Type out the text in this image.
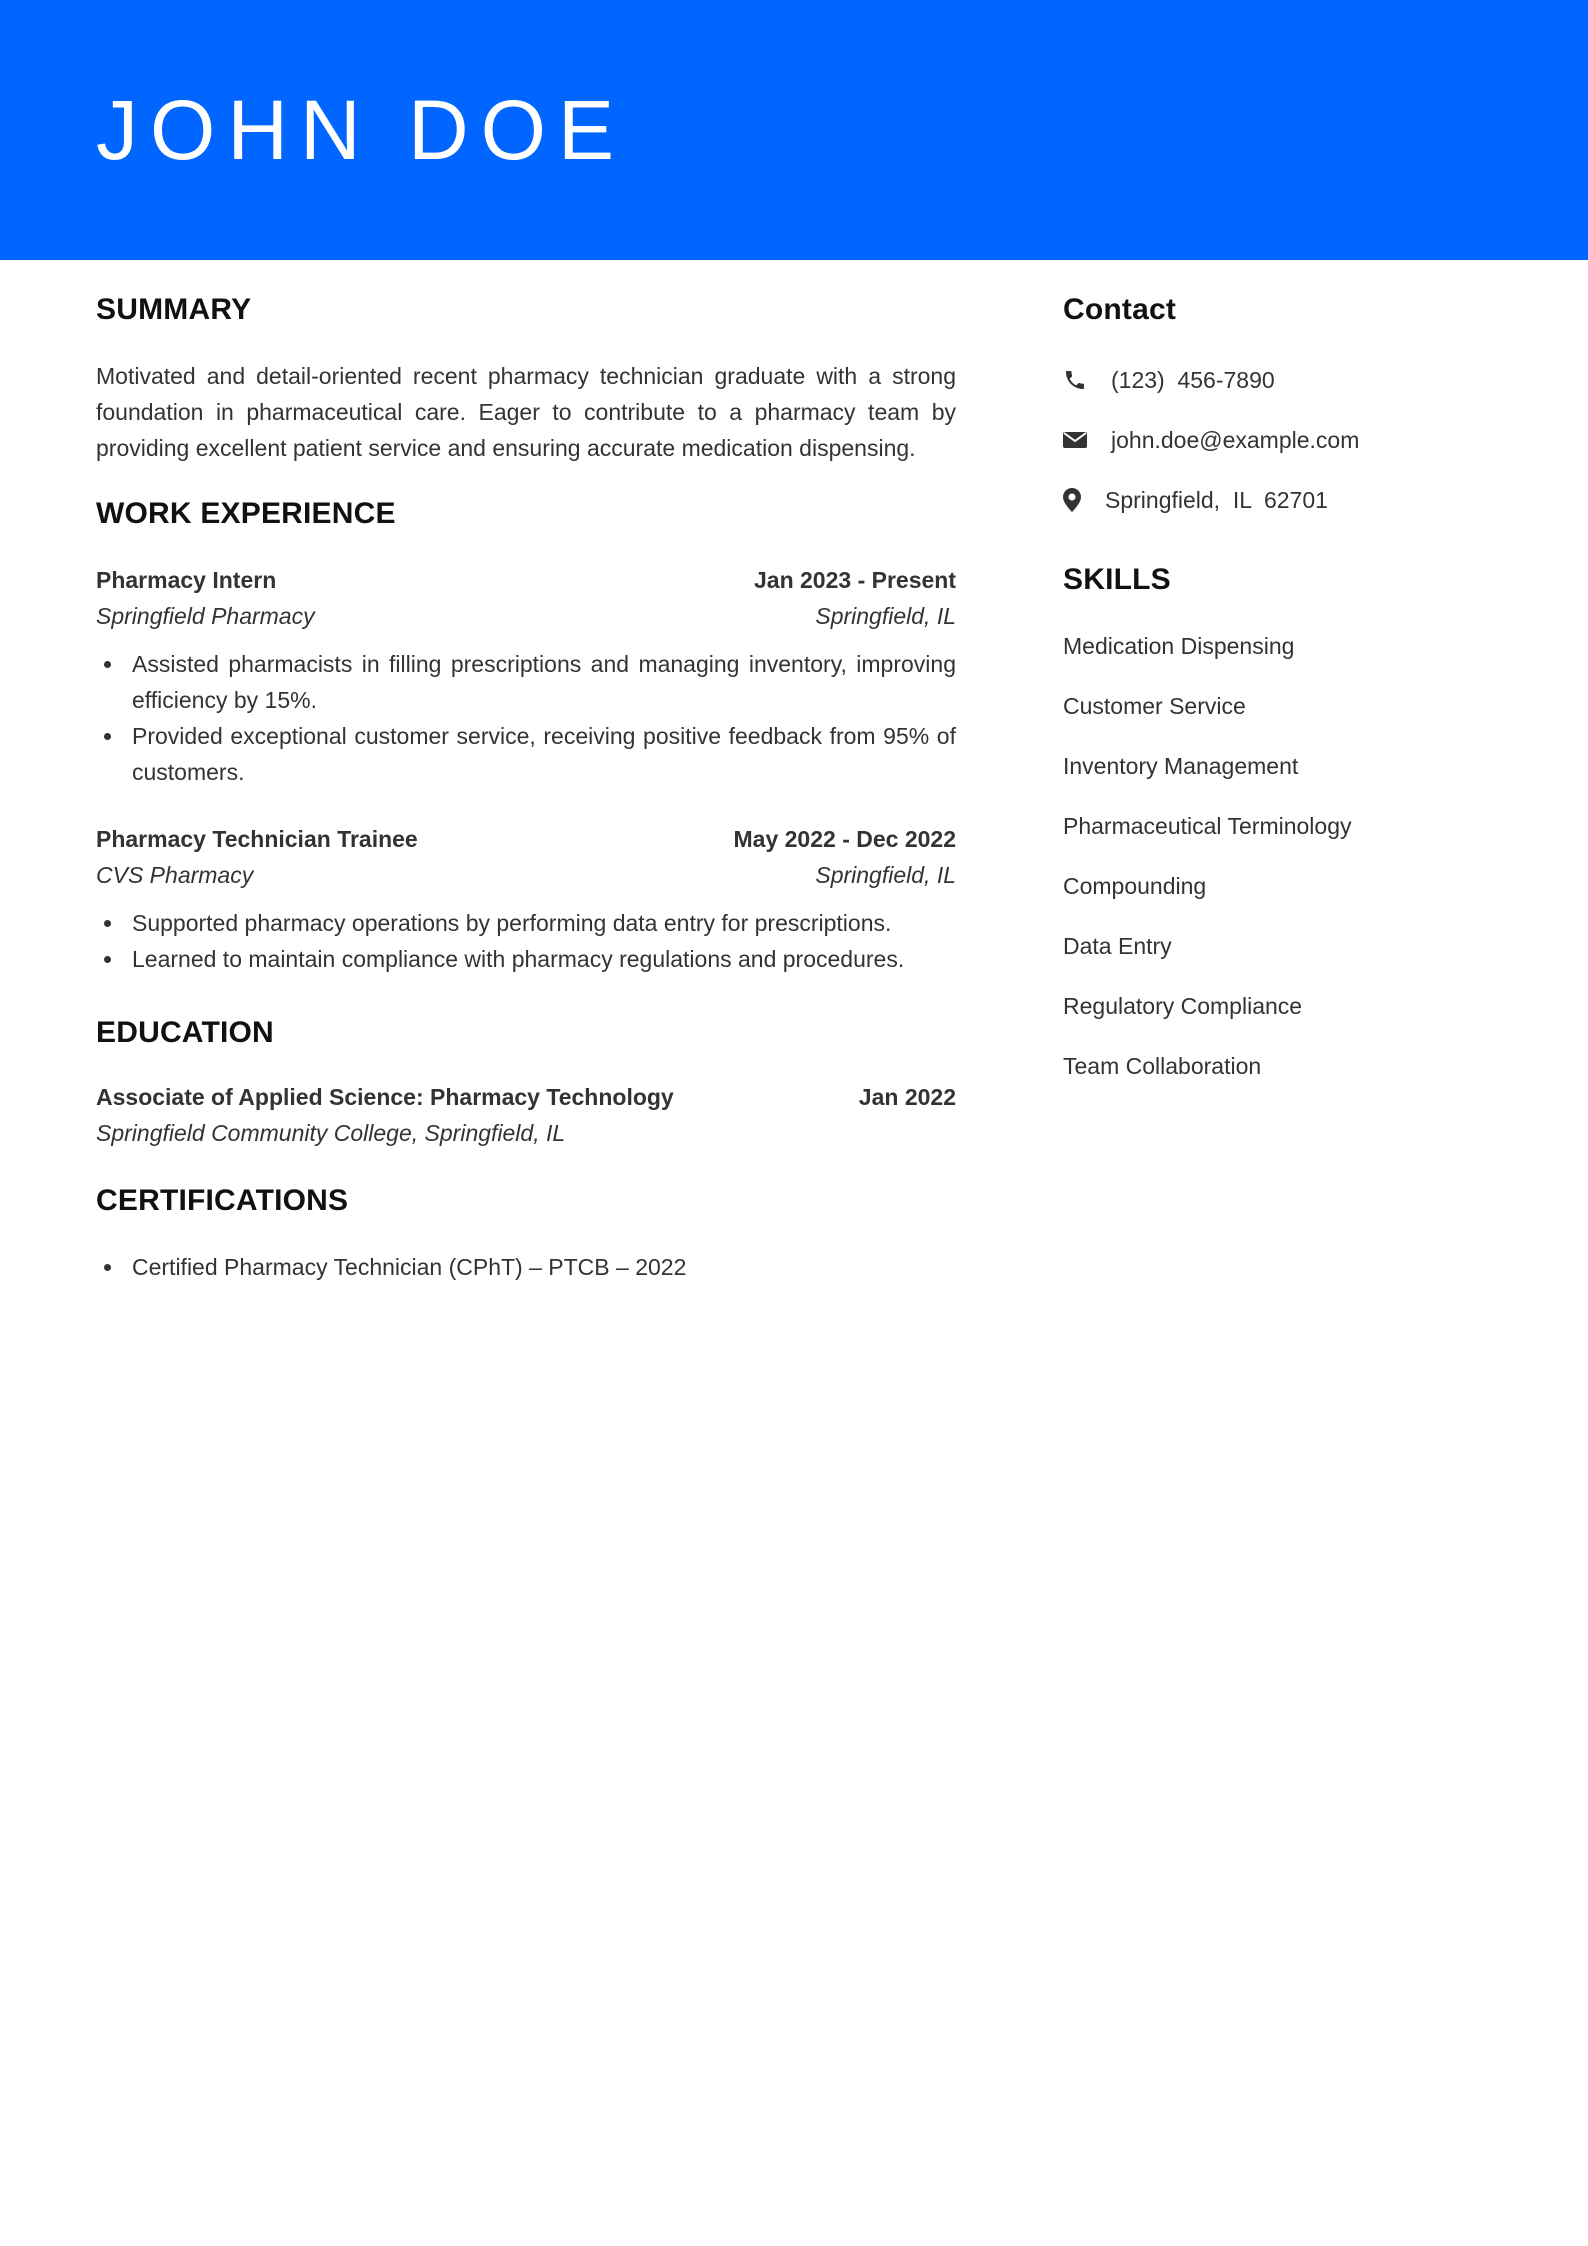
JOHN DOE
SUMMARY
Motivated and detail-oriented recent pharmacy technician graduate with a strong foundation in pharmaceutical care. Eager to contribute to a pharmacy team by providing excellent patient service and ensuring accurate medication dispensing.
WORK EXPERIENCE
Pharmacy Intern	Jan 2023 - Present
Springfield Pharmacy	Springfield, IL
Assisted pharmacists in filling prescriptions and managing inventory, improving efficiency by 15%.
Provided exceptional customer service, receiving positive feedback from 95% of customers.
Pharmacy Technician Trainee	May 2022 - Dec 2022
CVS Pharmacy	Springfield, IL
Supported pharmacy operations by performing data entry for prescriptions.
Learned to maintain compliance with pharmacy regulations and procedures.
EDUCATION
Associate of Applied Science: Pharmacy Technology	Jan 2022
Springfield Community College, Springfield, IL
CERTIFICATIONS
Certified Pharmacy Technician (CPhT) – PTCB – 2022
Contact
(123)  456-7890
john.doe@example.com
Springfield,  IL  62701
SKILLS
Medication Dispensing
Customer Service
Inventory Management
Pharmaceutical Terminology
Compounding
Data Entry
Regulatory Compliance
Team Collaboration
